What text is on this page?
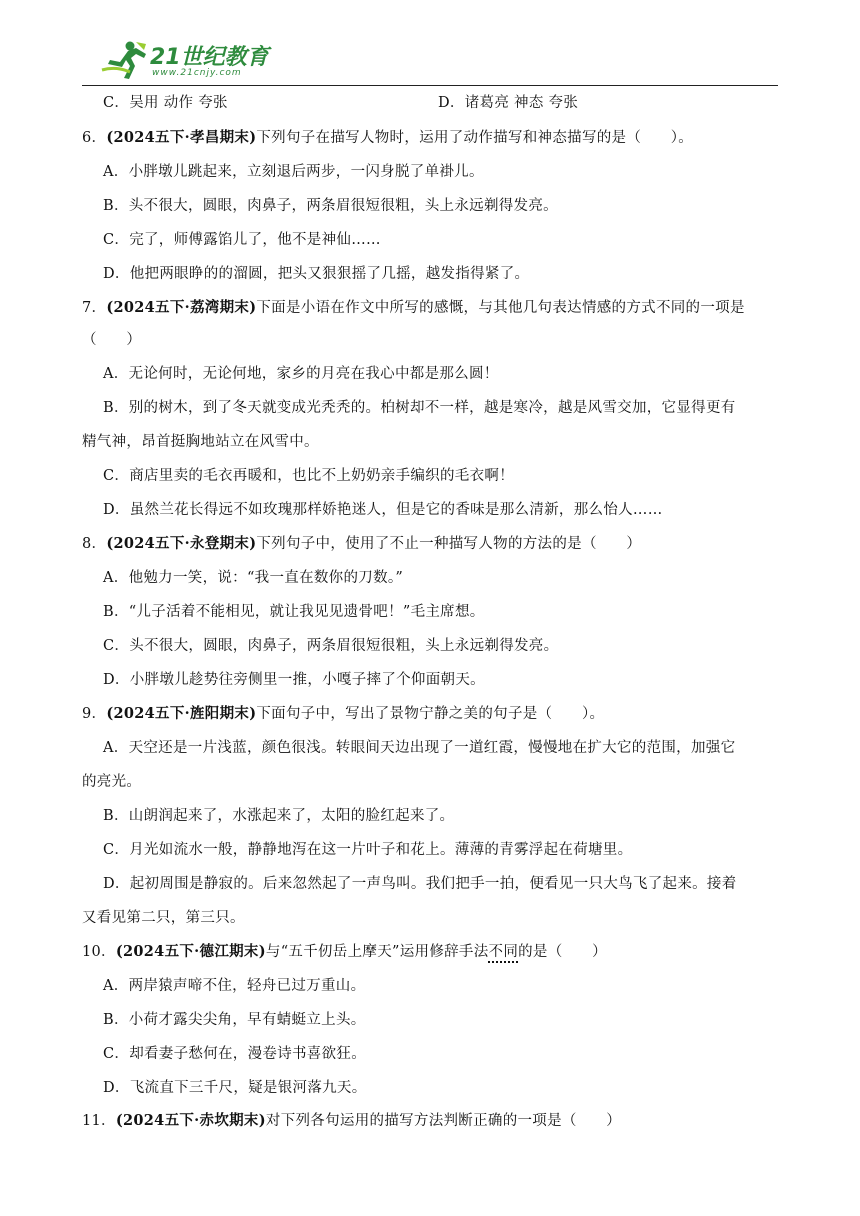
21世纪教育
www.21cnjy.com
C．吴用 动作 夸张	D．诸葛亮 神态 夸张
6．(2024五下·孝昌期末)下列句子在描写人物时，运用了动作描写和神态描写的是（　　）。
A．小胖墩儿跳起来，立刻退后两步，一闪身脱了单褂儿。
B．头不很大，圆眼，肉鼻子，两条眉很短很粗，头上永远剃得发亮。
C．完了，师傅露馅儿了，他不是神仙……
D．他把两眼睁的的溜圆，把头又狠狠摇了几摇，越发指得紧了。
7．(2024五下·荔湾期末)下面是小语在作文中所写的感慨，与其他几句表达情感的方式不同的一项是
（　　）
A．无论何时，无论何地，家乡的月亮在我心中都是那么圆！
B．别的树木，到了冬天就变成光秃秃的。柏树却不一样，越是寒冷，越是风雪交加，它显得更有
精气神，昂首挺胸地站立在风雪中。
C．商店里卖的毛衣再暖和，也比不上奶奶亲手编织的毛衣啊！
D．虽然兰花长得远不如玫瑰那样娇艳迷人，但是它的香味是那么清新，那么怡人……
8．(2024五下·永登期末)下列句子中，使用了不止一种描写人物的方法的是（　　）
A．他勉力一笑，说：“我一直在数你的刀数。”
B．“儿子活着不能相见，就让我见见遗骨吧！”毛主席想。
C．头不很大，圆眼，肉鼻子，两条眉很短很粗，头上永远剃得发亮。
D．小胖墩儿趁势往旁侧里一推，小嘎子摔了个仰面朝天。
9．(2024五下·旌阳期末)下面句子中，写出了景物宁静之美的句子是（　　）。
A．天空还是一片浅蓝，颜色很浅。转眼间天边出现了一道红霞，慢慢地在扩大它的范围，加强它
的亮光。
B．山朗润起来了，水涨起来了，太阳的脸红起来了。
C．月光如流水一般，静静地泻在这一片叶子和花上。薄薄的青雾浮起在荷塘里。
D．起初周围是静寂的。后来忽然起了一声鸟叫。我们把手一拍，便看见一只大鸟飞了起来。接着
又看见第二只，第三只。
10．(2024五下·德江期末)与“五千仞岳上摩天”运用修辞手法不同的是（　　）
A．两岸猿声啼不住，轻舟已过万重山。
B．小荷才露尖尖角，早有蜻蜓立上头。
C．却看妻子愁何在，漫卷诗书喜欲狂。
D．飞流直下三千尺，疑是银河落九天。
11．(2024五下·赤坎期末)对下列各句运用的描写方法判断正确的一项是（　　）
